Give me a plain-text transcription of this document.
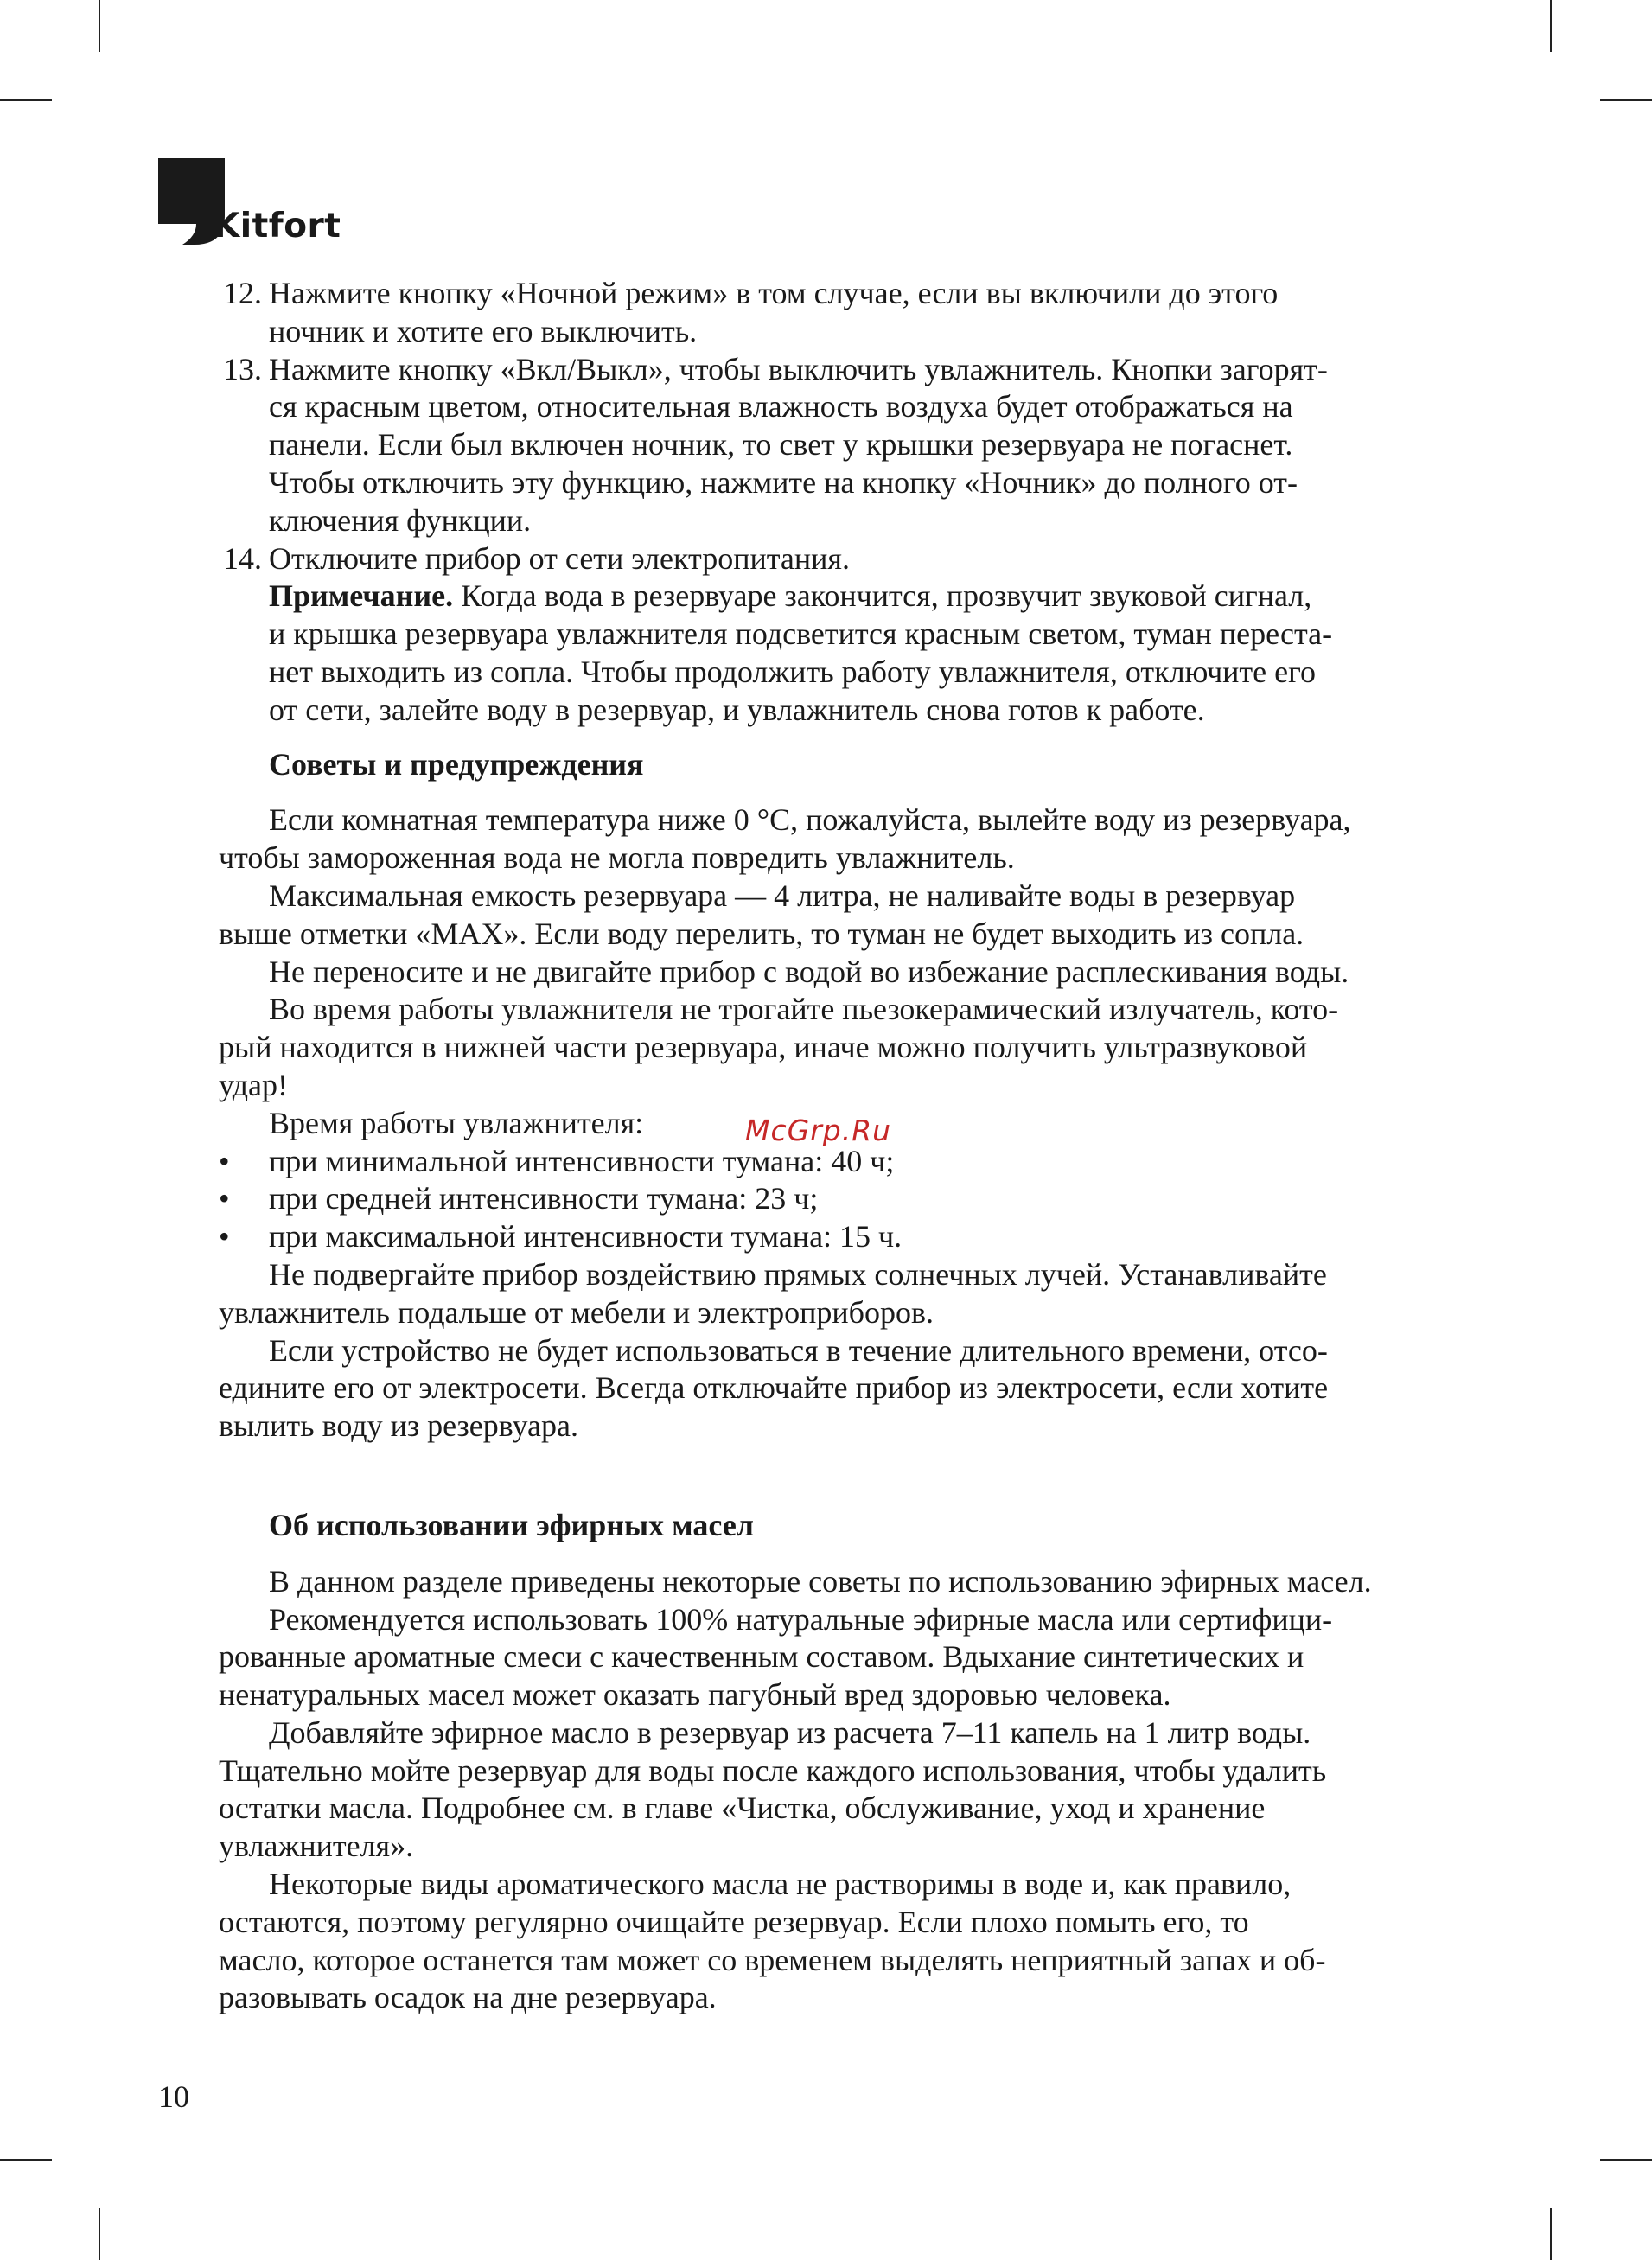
Kitfort
12. Нажмите кнопку «Ночной режим» в том случае, если вы включили до этого

ночник и хотите его выключить.

13. Нажмите кнопку «Вкл/Выкл», чтобы выключить увлажнитель. Кнопки загорят-

ся красным цветом, относительная влажность воздуха будет отображаться на

панели. Если был включен ночник, то свет у крышки резервуара не погаснет.

Чтобы отключить эту функцию, нажмите на кнопку «Ночник» до полного от-

ключения функции.

14. Отключите прибор от сети электропитания.

Примечание. Когда вода в резервуаре закончится, прозвучит звуковой сигнал,

и крышка резервуара увлажнителя подсветится красным светом, туман переста-

нет выходить из сопла. Чтобы продолжить работу увлажнителя, отключите его

от сети, залейте воду в резервуар, и увлажнитель снова готов к работе.

Советы и предупреждения

Если комнатная температура ниже 0 °С, пожалуйста, вылейте воду из резервуара,

чтобы замороженная вода не могла повредить увлажнитель.

Максимальная емкость резервуара — 4 литра, не наливайте воды в резервуар

выше отметки «MAX». Если воду перелить, то туман не будет выходить из сопла.

Не переносите и не двигайте прибор с водой во избежание расплескивания воды.

Во время работы увлажнителя не трогайте пьезокерамический излучатель, кото-

рый находится в нижней части резервуара, иначе можно получить ультразвуковой

удар!

Время работы увлажнителя:

• при минимальной интенсивности тумана: 40 ч;
• при средней интенсивности тумана: 23 ч;
• при максимальной интенсивности тумана: 15 ч.

Не подвергайте прибор воздействию прямых солнечных лучей. Устанавливайте

увлажнитель подальше от мебели и электроприборов.

Если устройство не будет использоваться в течение длительного времени, отсо-

едините его от электросети. Всегда отключайте прибор из электросети, если хотите

вылить воду из резервуара.

Об использовании эфирных масел

В данном разделе приведены некоторые советы по использованию эфирных масел.

Рекомендуется использовать 100% натуральные эфирные масла или сертифици-

рованные ароматные смеси с качественным составом. Вдыхание синтетических и

ненатуральных масел может оказать пагубный вред здоровью человека.

Добавляйте эфирное масло в резервуар из расчета 7–11 капель на 1 литр воды.

Тщательно мойте резервуар для воды после каждого использования, чтобы удалить

остатки масла. Подробнее см. в главе «Чистка, обслуживание, уход и хранение

увлажнителя».

Некоторые виды ароматического масла не растворимы в воде и, как правило,

остаются, поэтому регулярно очищайте резервуар. Если плохо помыть его, то

масло, которое останется там может со временем выделять неприятный запах и об-

разовывать осадок на дне резервуара.

McGrp.Ru
10
